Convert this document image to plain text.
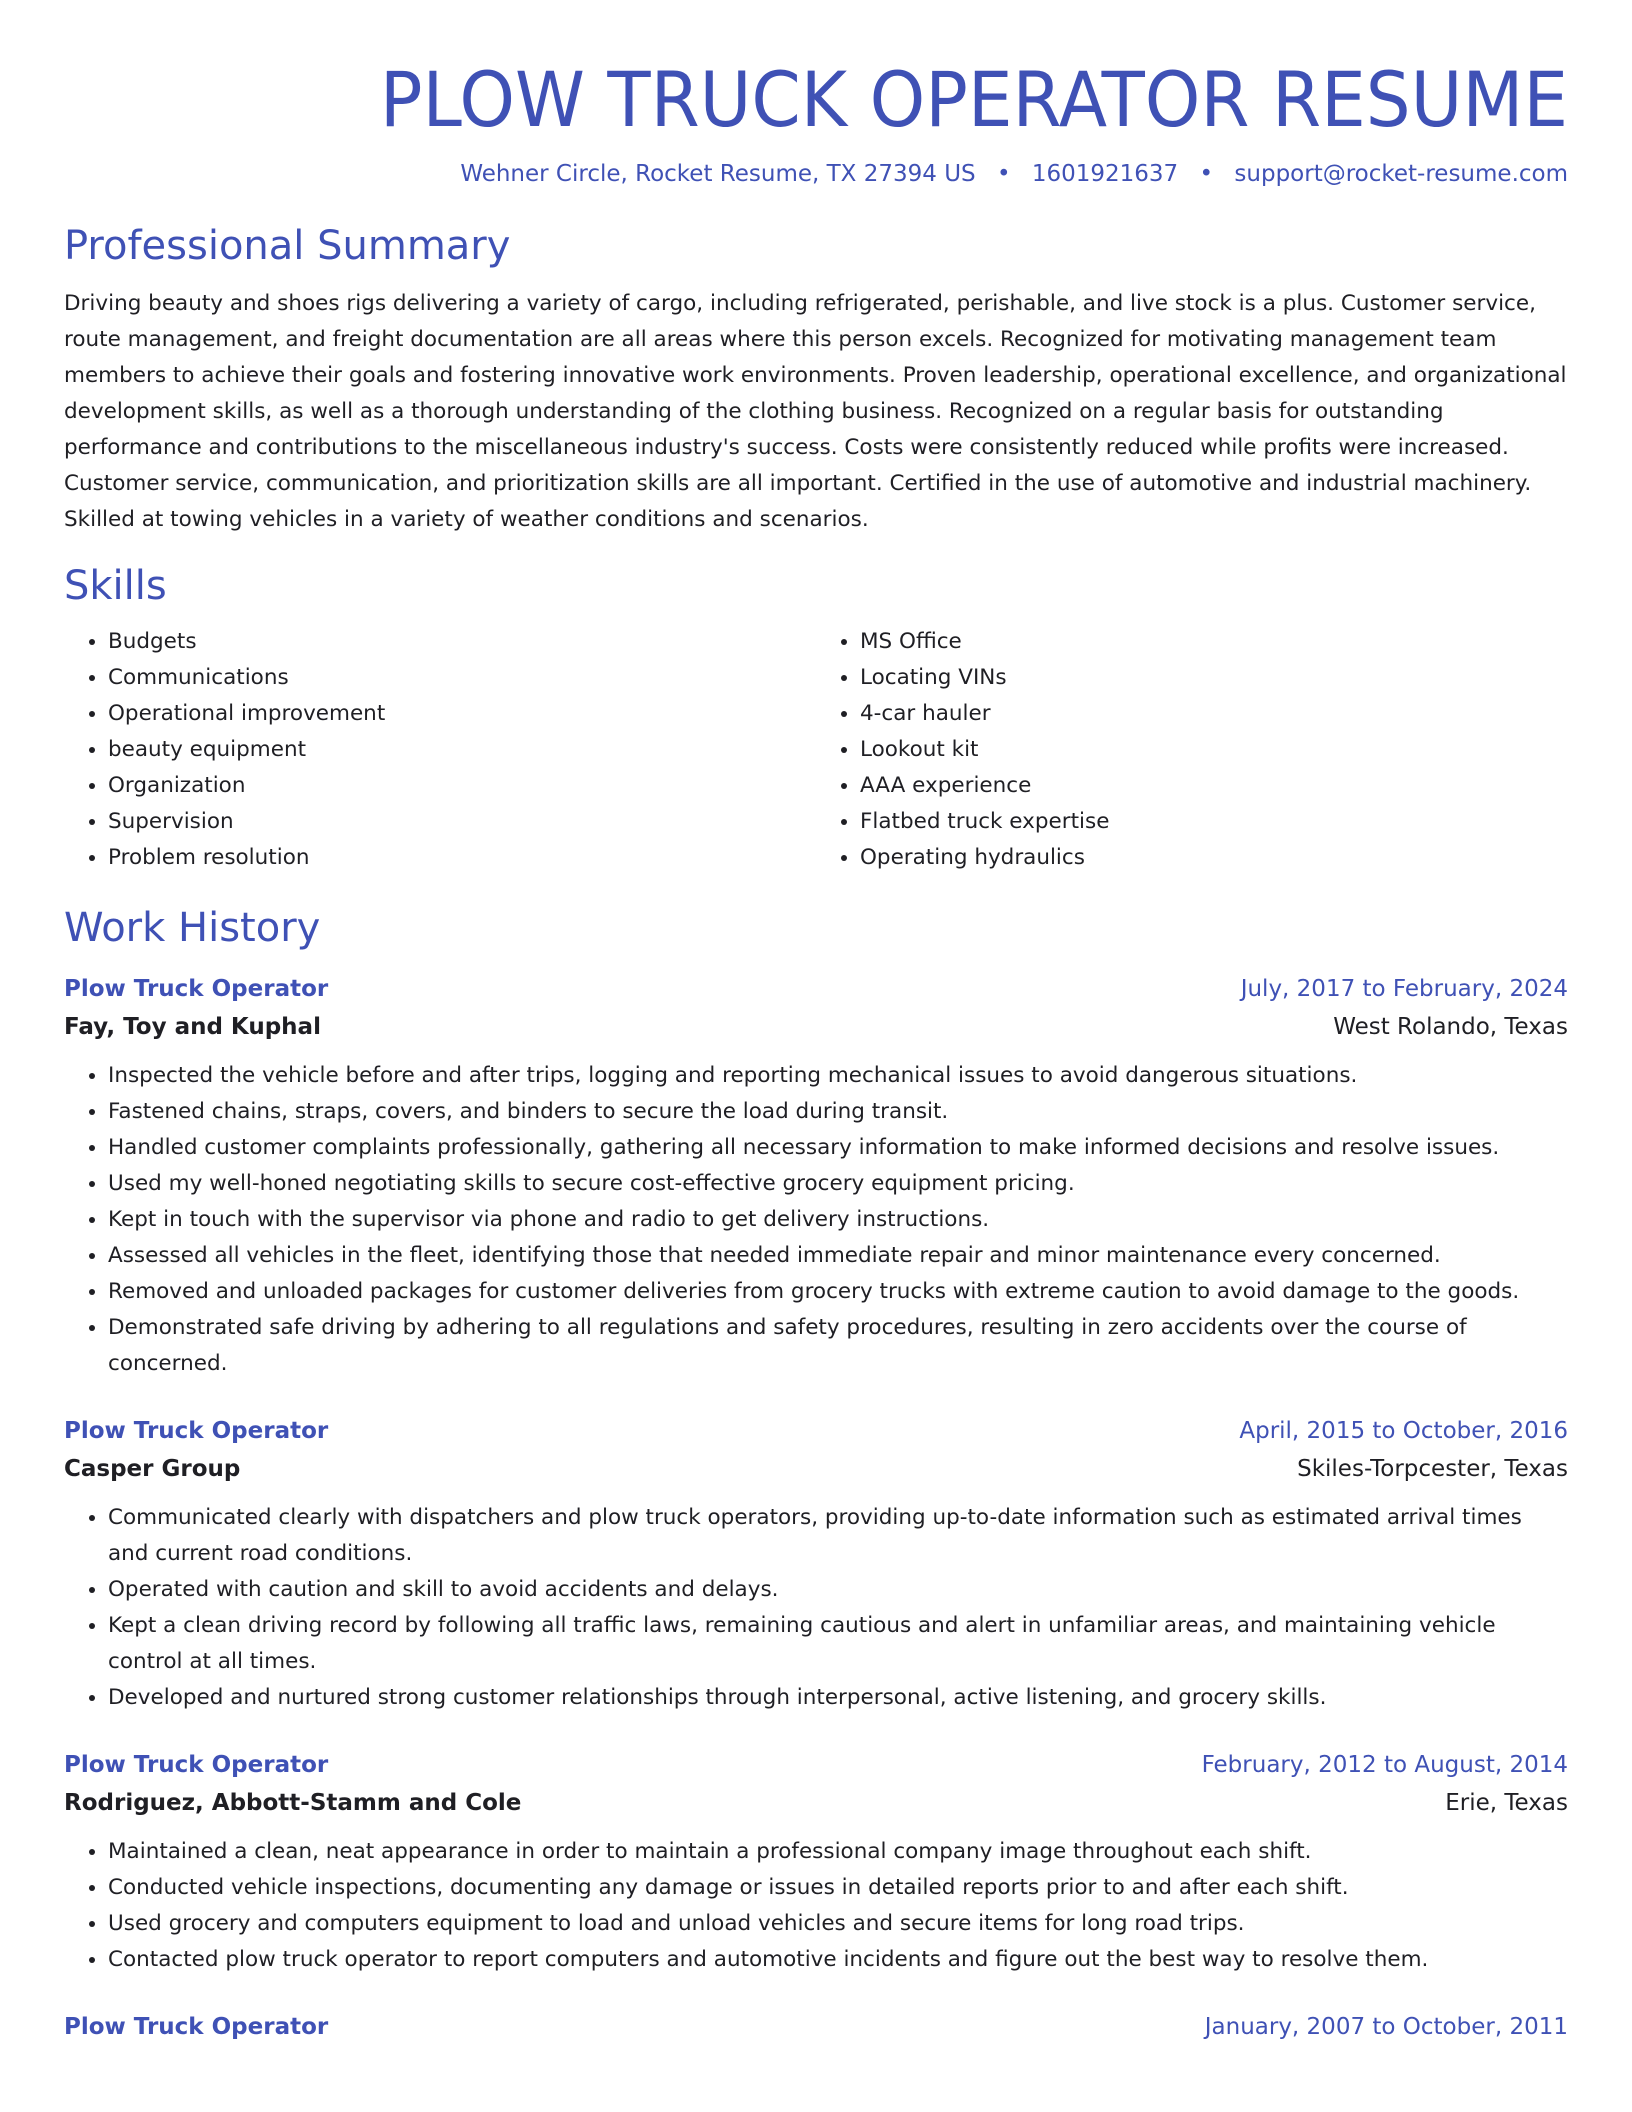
PLOW TRUCK OPERATOR RESUME
Wehner Circle, Rocket Resume, TX 27394 US • 1601921637 • support@rocket-resume.com
Professional Summary

Driving beauty and shoes rigs delivering a variety of cargo, including refrigerated, perishable, and live stock is a plus. Customer service, route management, and freight documentation are all areas where this person excels. Recognized for motivating management team members to achieve their goals and fostering innovative work environments. Proven leadership, operational excellence, and organizational development skills, as well as a thorough understanding of the clothing business. Recognized on a regular basis for outstanding performance and contributions to the miscellaneous industry's success. Costs were consistently reduced while profits were increased. Customer service, communication, and prioritization skills are all important. Certified in the use of automotive and industrial machinery. Skilled at towing vehicles in a variety of weather conditions and scenarios.

Skills
• Budgets
• Communications
• Operational improvement
• beauty equipment
• Organization
• Supervision
• Problem resolution
• MS Office
• Locating VINs
• 4-car hauler
• Lookout kit
• AAA experience
• Flatbed truck expertise
• Operating hydraulics
Work History
Plow Truck Operator	July, 2017 to February, 2024
Fay, Toy and Kuphal	West Rolando, Texas
• Inspected the vehicle before and after trips, logging and reporting mechanical issues to avoid dangerous situations.
• Fastened chains, straps, covers, and binders to secure the load during transit.
• Handled customer complaints professionally, gathering all necessary information to make informed decisions and resolve issues.
• Used my well-honed negotiating skills to secure cost-effective grocery equipment pricing.
• Kept in touch with the supervisor via phone and radio to get delivery instructions.
• Assessed all vehicles in the fleet, identifying those that needed immediate repair and minor maintenance every concerned.
• Removed and unloaded packages for customer deliveries from grocery trucks with extreme caution to avoid damage to the goods.
• Demonstrated safe driving by adhering to all regulations and safety procedures, resulting in zero accidents over the course of concerned.
Plow Truck Operator	April, 2015 to October, 2016
Casper Group	Skiles-Torpcester, Texas
• Communicated clearly with dispatchers and plow truck operators, providing up-to-date information such as estimated arrival times and current road conditions.
• Operated with caution and skill to avoid accidents and delays.
• Kept a clean driving record by following all traffic laws, remaining cautious and alert in unfamiliar areas, and maintaining vehicle control at all times.
• Developed and nurtured strong customer relationships through interpersonal, active listening, and grocery skills.
Plow Truck Operator	February, 2012 to August, 2014
Rodriguez, Abbott-Stamm and Cole	Erie, Texas
• Maintained a clean, neat appearance in order to maintain a professional company image throughout each shift.
• Conducted vehicle inspections, documenting any damage or issues in detailed reports prior to and after each shift.
• Used grocery and computers equipment to load and unload vehicles and secure items for long road trips.
• Contacted plow truck operator to report computers and automotive incidents and figure out the best way to resolve them.
Plow Truck Operator	January, 2007 to October, 2011
